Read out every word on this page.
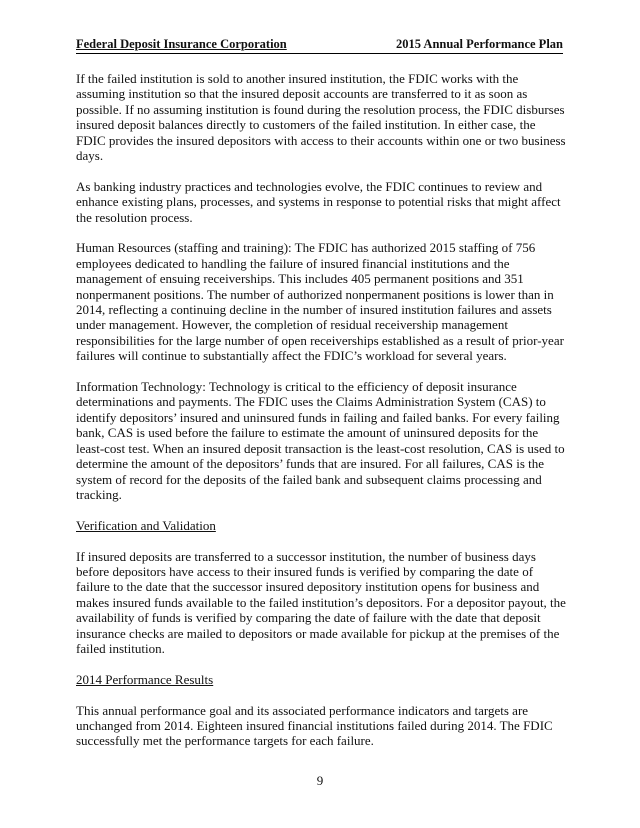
Federal Deposit Insurance Corporation	2015 Annual Performance Plan

If the failed institution is sold to another insured institution, the FDIC works with the assuming institution so that the insured deposit accounts are transferred to it as soon as possible. If no assuming institution is found during the resolution process, the FDIC disburses insured deposit balances directly to customers of the failed institution. In either case, the FDIC provides the insured depositors with access to their accounts within one or two business days.

As banking industry practices and technologies evolve, the FDIC continues to review and enhance existing plans, processes, and systems in response to potential risks that might affect the resolution process.

Human Resources (staffing and training): The FDIC has authorized 2015 staffing of 756 employees dedicated to handling the failure of insured financial institutions and the management of ensuing receiverships. This includes 405 permanent positions and 351 nonpermanent positions. The number of authorized nonpermanent positions is lower than in 2014, reflecting a continuing decline in the number of insured institution failures and assets under management. However, the completion of residual receivership management responsibilities for the large number of open receiverships established as a result of prior-year failures will continue to substantially affect the FDIC’s workload for several years.

Information Technology: Technology is critical to the efficiency of deposit insurance determinations and payments. The FDIC uses the Claims Administration System (CAS) to identify depositors’ insured and uninsured funds in failing and failed banks. For every failing bank, CAS is used before the failure to estimate the amount of uninsured deposits for the least-cost test. When an insured deposit transaction is the least-cost resolution, CAS is used to determine the amount of the depositors’ funds that are insured. For all failures, CAS is the system of record for the deposits of the failed bank and subsequent claims processing and tracking.

Verification and Validation

If insured deposits are transferred to a successor institution, the number of business days before depositors have access to their insured funds is verified by comparing the date of failure to the date that the successor insured depository institution opens for business and makes insured funds available to the failed institution’s depositors. For a depositor payout, the availability of funds is verified by comparing the date of failure with the date that deposit insurance checks are mailed to depositors or made available for pickup at the premises of the failed institution.

2014 Performance Results

This annual performance goal and its associated performance indicators and targets are unchanged from 2014. Eighteen insured financial institutions failed during 2014. The FDIC successfully met the performance targets for each failure.

9
